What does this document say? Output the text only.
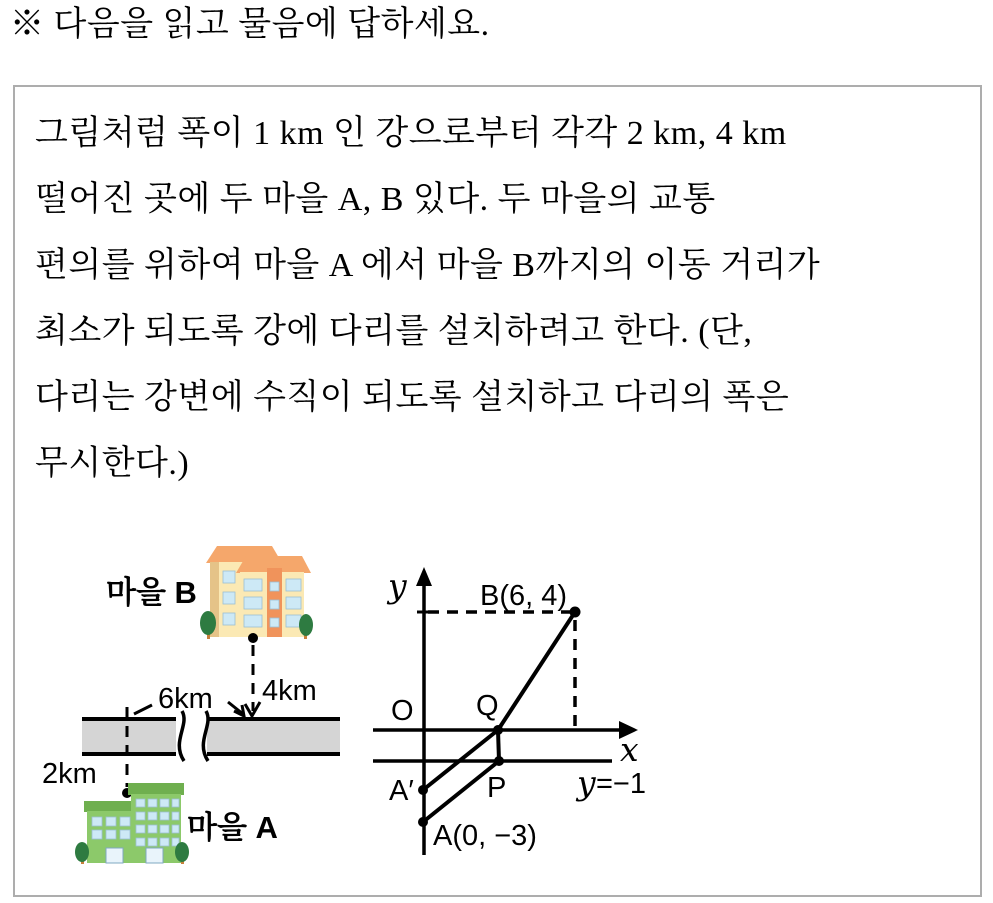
※ 다음을 읽고 물음에 답하세요.
그림처럼 폭이 1 km 인 강으로부터 각각 2 km, 4 km
떨어진 곳에 두 마을 A, B 있다. 두 마을의 교통
편의를 위하여 마을 A 에서 마을 B까지의 이동 거리가
최소가 되도록 강에 다리를 설치하려고 한다. (단,
다리는 강변에 수직이 되도록 설치하고 다리의 폭은
무시한다.)
마을 B
4km
6km
2km
마을 A
y
x
O
B(6, 4)
Q
P
A′
A(0, −3)
y =−1
